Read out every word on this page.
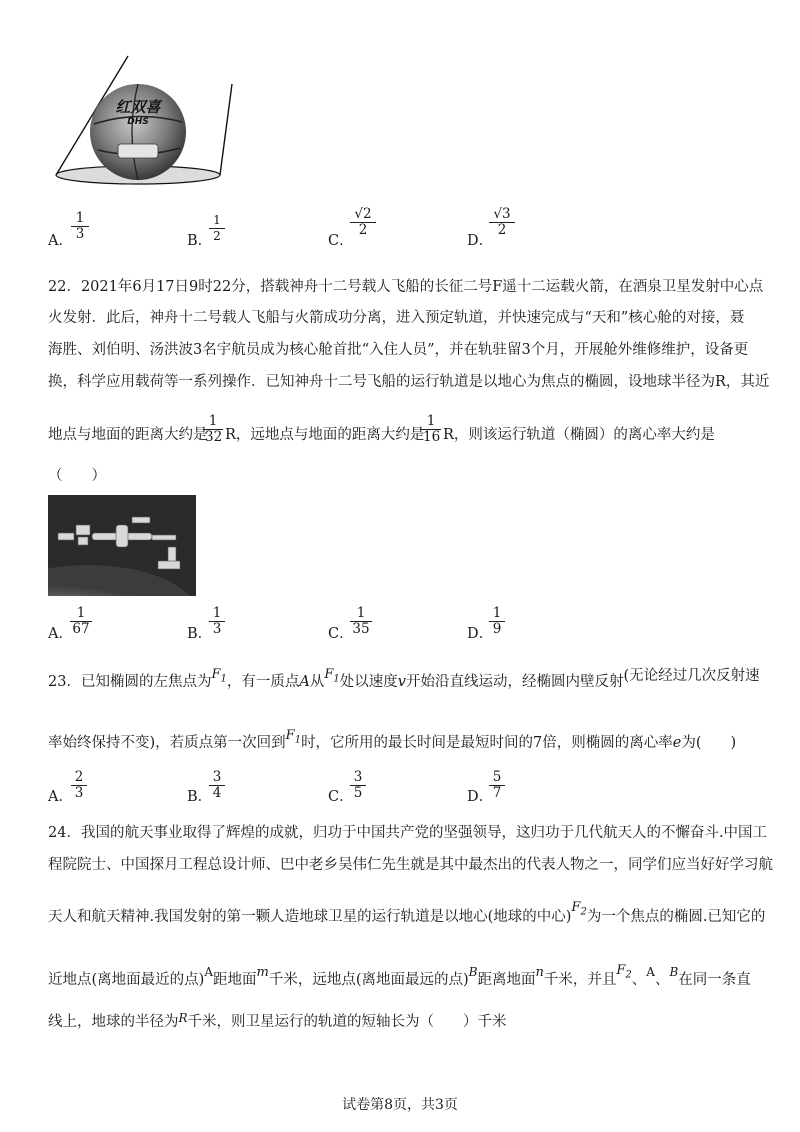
红双喜
DHS
A．
$\frac{1}{3}$	B．
$\frac{1}{2}$	C．
$\frac{√2}{2}$
D．
$\frac{√3}{2}$
22．2021年6月17日9时22分，搭载神舟十二号载人飞船的长征二号F遥十二运载火箭，在酒泉卫星发射中心点
火发射．此后，神舟十二号载人飞船与火箭成功分离，进入预定轨道，并快速完成与“天和”核心舱的对接，聂
海胜、刘伯明、汤洪波3名宇航员成为核心舱首批“入住人员”，并在轨驻留3个月，开展舱外维修维护，设备更
换，科学应用载荷等一系列操作．已知神舟十二号飞船的运行轨道是以地心为焦点的椭圆，设地球半径为R，其近
地点与地面的距离大约是
$\frac{1}{32}$ R，远地点与地面的距离大约是
$\frac{1}{16}$ R，则该运行轨道（椭圆）的离心率大约是
（　　）
A．
$\frac{1}{67}$	B．
$\frac{1}{3}$	C．
$\frac{1}{35}$	D．
$\frac{1}{9}$
23．已知椭圆的左焦点为$F_1$，有一质点A从$F_1$处以速度v开始沿直线运动，经椭圆内壁反射(无论经过几次反射速
率始终保持不变)，若质点第一次回到$F_1$时，它所用的最长时间是最短时间的7倍，则椭圆的离心率e为(　　)
A．
$\frac{2}{3}$	B．
$\frac{3}{4}$	C．
$\frac{3}{5}$	D．
$\frac{5}{7}$
24．我国的航天事业取得了辉煌的成就，归功于中国共产党的坚强领导，这归功于几代航天人的不懈奋斗.中国工
程院院士、中国探月工程总设计师、巴中老乡吴伟仁先生就是其中最杰出的代表人物之一，同学们应当好好学习航
天人和航天精神.我国发射的第一颗人造地球卫星的运行轨道是以地心(地球的中心)$F_2$为一个焦点的椭圆.已知它的
近地点(离地面最近的点)$^A$距地面m千米，远地点(离地面最远的点)$^B$距离地面n千米，并且$F_2$、$^A$、$^B$在同一条直
线上，地球的半径为$^R$千米，则卫星运行的轨道的短轴长为（　　）千米
试卷第8页，共3页
